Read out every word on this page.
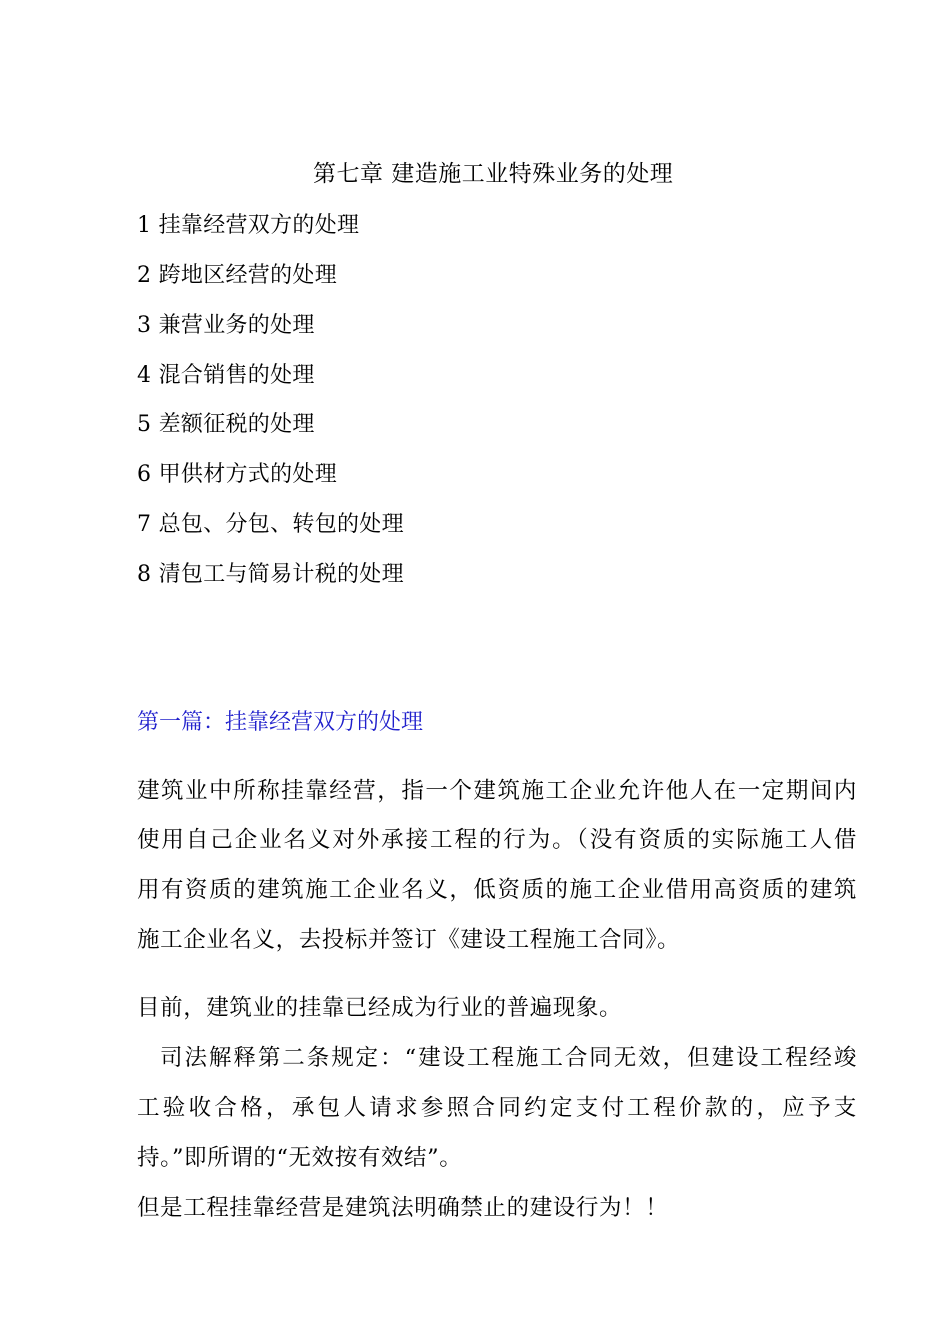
第七章 建造施工业特殊业务的处理
1 挂靠经营双方的处理
2 跨地区经营的处理
3 兼营业务的处理
4 混合销售的处理
5 差额征税的处理
6 甲供材方式的处理
7 总包、分包、转包的处理
8 清包工与简易计税的处理
第一篇：挂靠经营双方的处理
建筑业中所称挂靠经营，指一个建筑施工企业允许他人在一定期间内
使用自己企业名义对外承接工程的行为。（没有资质的实际施工人借
用有资质的建筑施工企业名义，低资质的施工企业借用高资质的建筑
施工企业名义，去投标并签订《建设工程施工合同》。
目前，建筑业的挂靠已经成为行业的普遍现象。
司法解释第二条规定：“建设工程施工合同无效，但建设工程经竣
工验收合格，承包人请求参照合同约定支付工程价款的，应予支
持。”即所谓的“无效按有效结”。
但是工程挂靠经营是建筑法明确禁止的建设行为！！
